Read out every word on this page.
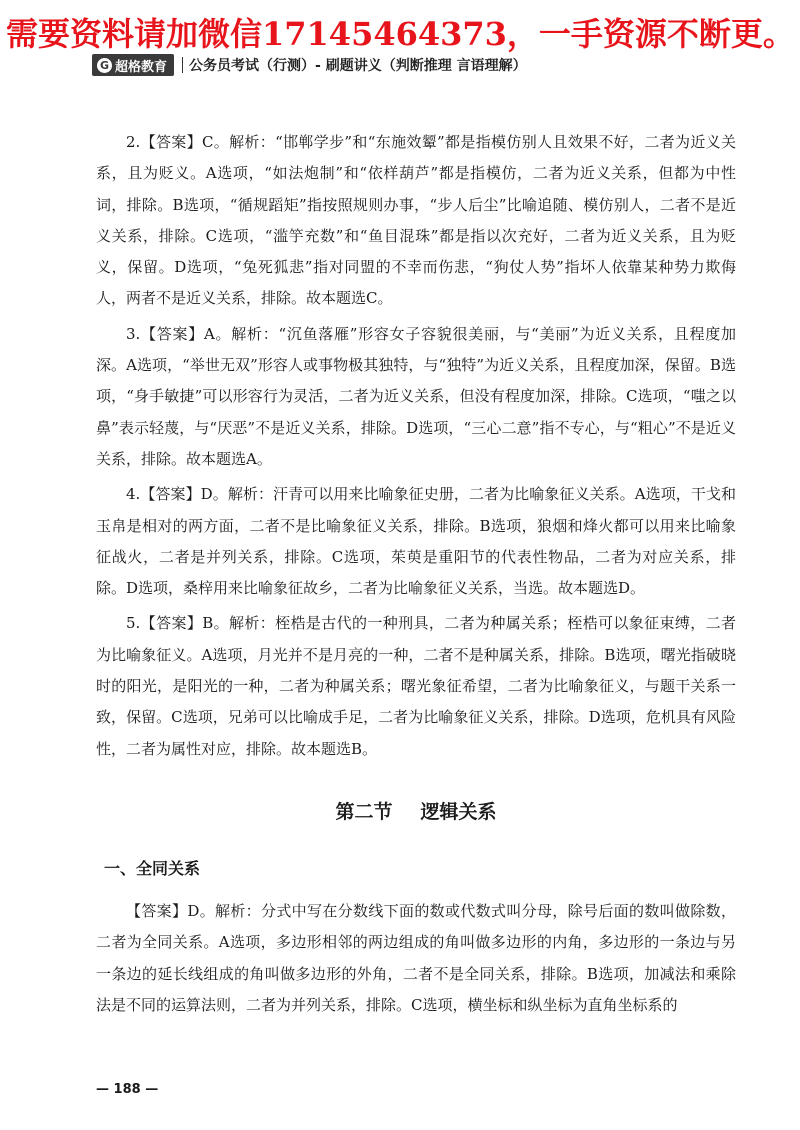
需要资料请加微信17145464373，一手资源不断更。
G 超格教育 公务员考试（行测）- 刷题讲义（判断推理 言语理解）

2.【答案】C。解析：“邯郸学步”和“东施效颦”都是指模仿别人且效果不好，二者为近义关系，且为贬义。A选项，“如法炮制”和“依样葫芦”都是指模仿，二者为近义关系，但都为中性词，排除。B选项，“循规蹈矩”指按照规则办事，“步人后尘”比喻追随、模仿别人，二者不是近义关系，排除。C选项，“滥竽充数”和“鱼目混珠”都是指以次充好，二者为近义关系，且为贬义，保留。D选项，“兔死狐悲”指对同盟的不幸而伤悲，“狗仗人势”指坏人依靠某种势力欺侮人，两者不是近义关系，排除。故本题选C。

3.【答案】A。解析：“沉鱼落雁”形容女子容貌很美丽，与“美丽”为近义关系，且程度加深。A选项，“举世无双”形容人或事物极其独特，与“独特”为近义关系，且程度加深，保留。B选项，“身手敏捷”可以形容行为灵活，二者为近义关系，但没有程度加深，排除。C选项，“嗤之以鼻”表示轻蔑，与“厌恶”不是近义关系，排除。D选项，“三心二意”指不专心，与“粗心”不是近义关系，排除。故本题选A。

4.【答案】D。解析：汗青可以用来比喻象征史册，二者为比喻象征义关系。A选项，干戈和玉帛是相对的两方面，二者不是比喻象征义关系，排除。B选项，狼烟和烽火都可以用来比喻象征战火，二者是并列关系，排除。C选项，茱萸是重阳节的代表性物品，二者为对应关系，排除。D选项，桑梓用来比喻象征故乡，二者为比喻象征义关系，当选。故本题选D。

5.【答案】B。解析：桎梏是古代的一种刑具，二者为种属关系；桎梏可以象征束缚，二者为比喻象征义。A选项，月光并不是月亮的一种，二者不是种属关系，排除。B选项，曙光指破晓时的阳光，是阳光的一种，二者为种属关系；曙光象征希望，二者为比喻象征义，与题干关系一致，保留。C选项，兄弟可以比喻成手足，二者为比喻象征义关系，排除。D选项，危机具有风险性，二者为属性对应，排除。故本题选B。

第二节 逻辑关系
一、全同关系

【答案】D。解析：分式中写在分数线下面的数或代数式叫分母，除号后面的数叫做除数，二者为全同关系。A选项，多边形相邻的两边组成的角叫做多边形的内角，多边形的一条边与另一条边的延长线组成的角叫做多边形的外角，二者不是全同关系，排除。B选项，加减法和乘除法是不同的运算法则，二者为并列关系，排除。C选项，横坐标和纵坐标为直角坐标系的

— 188 —
